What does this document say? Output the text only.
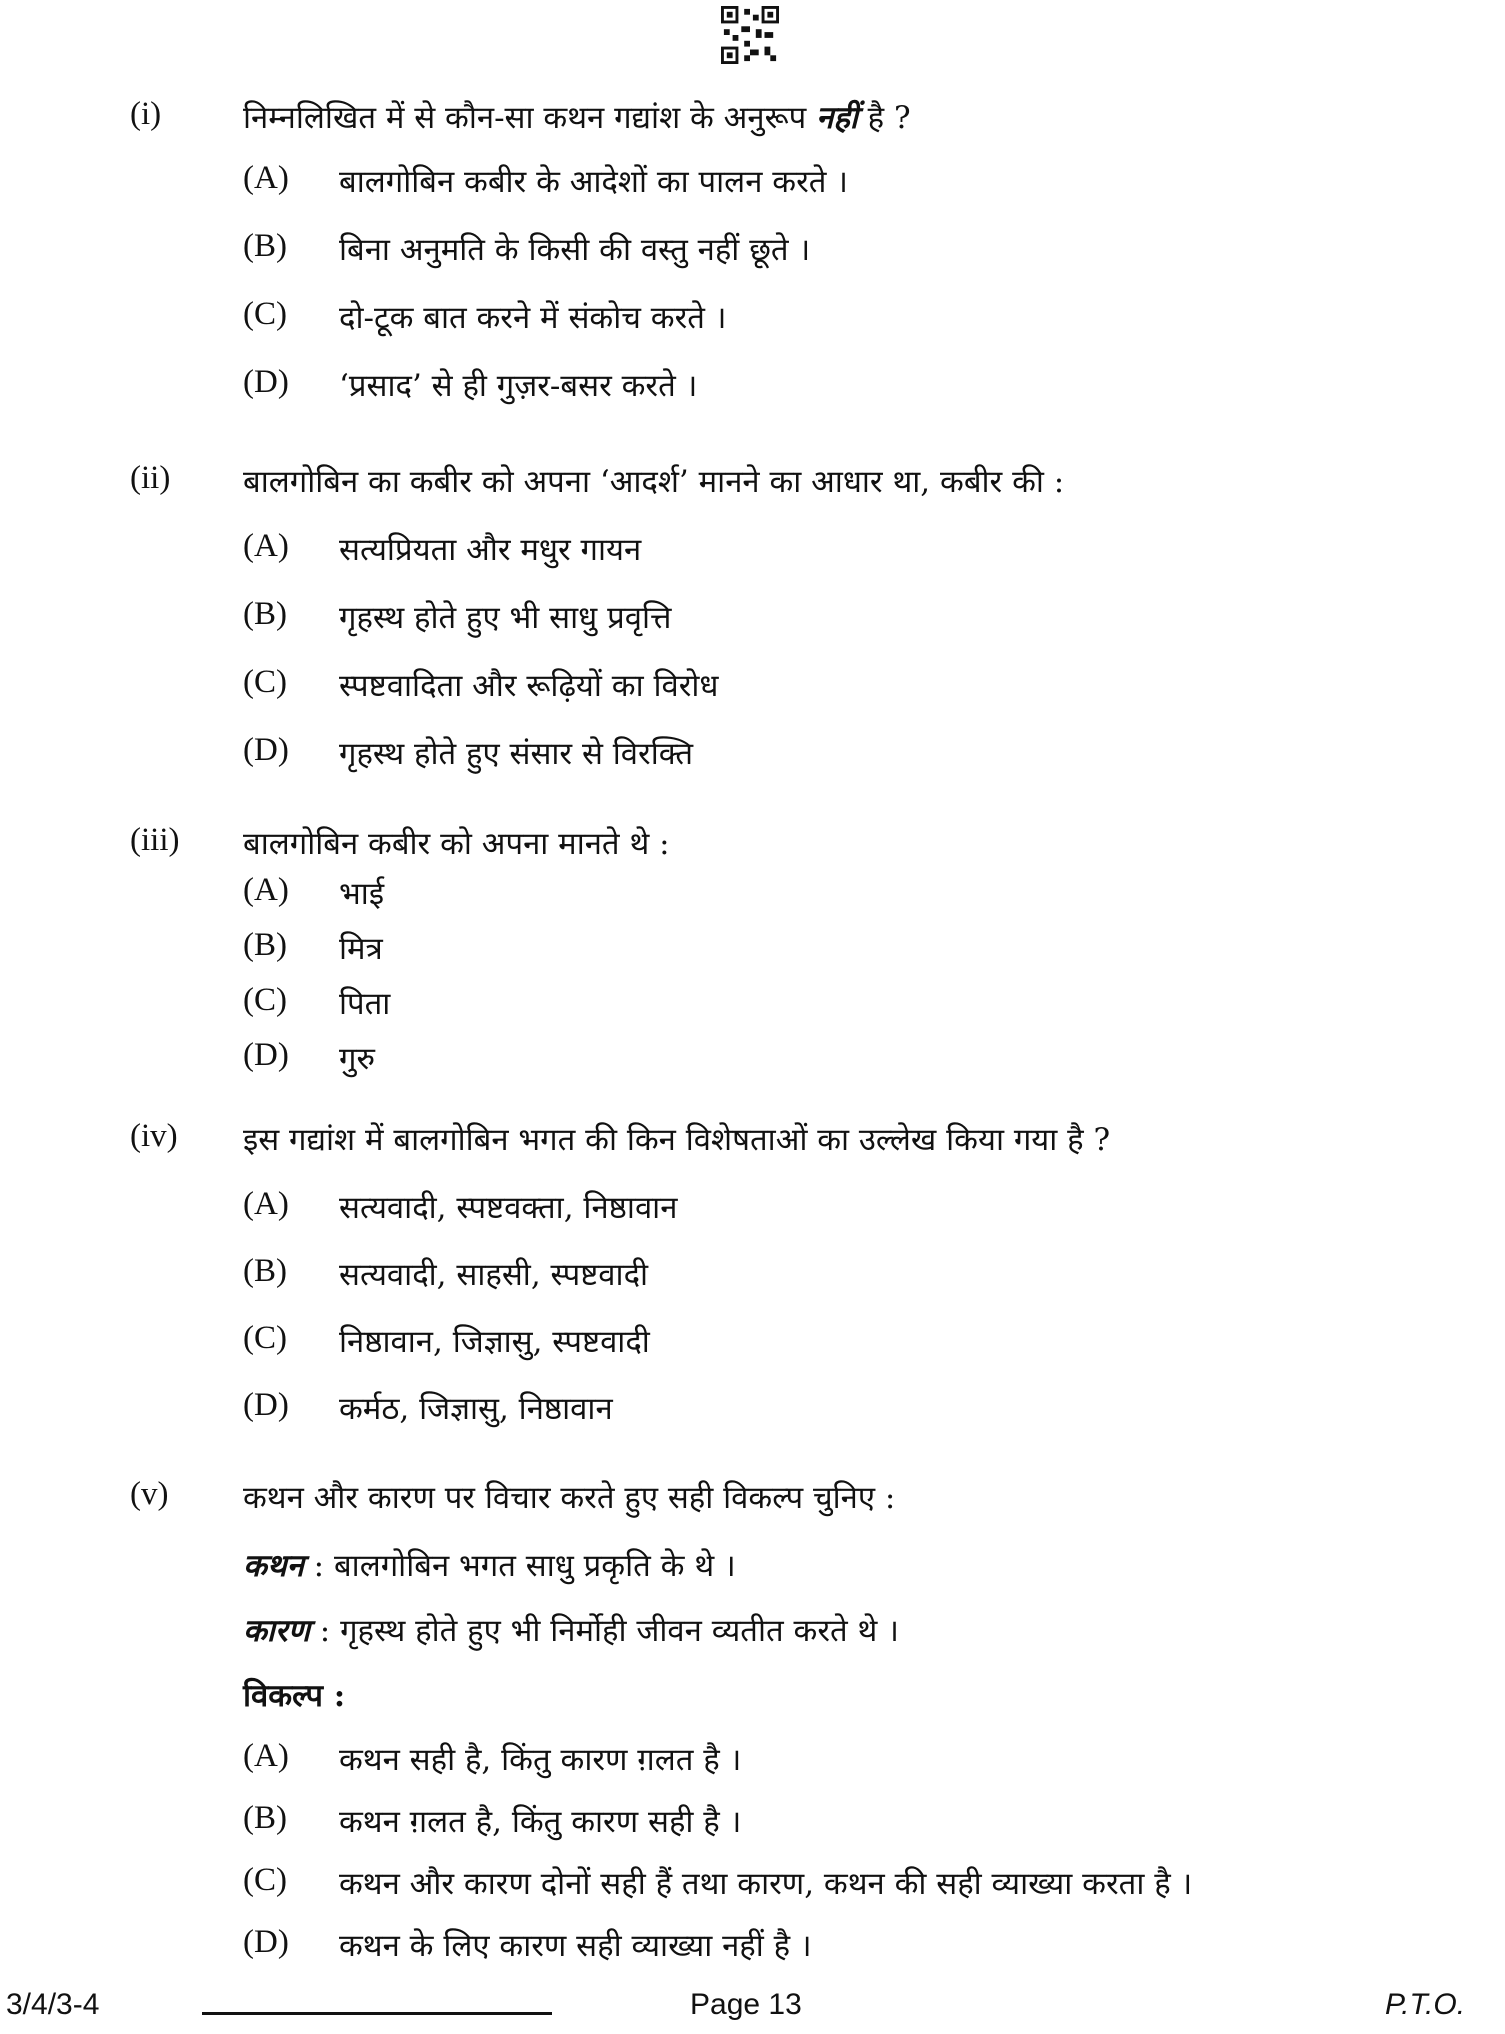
(i)	निम्नलिखित में से कौन-सा कथन गद्यांश के अनुरूप नहीं है ?
(A) बालगोबिन कबीर के आदेशों का पालन करते ।
(B) बिना अनुमति के किसी की वस्तु नहीं छूते ।
(C) दो-टूक बात करने में संकोच करते ।
(D) ‘प्रसाद’ से ही गुज़र-बसर करते ।
(ii) बालगोबिन का कबीर को अपना ‘आदर्श’ मानने का आधार था, कबीर की :
(A) सत्यप्रियता और मधुर गायन
(B) गृहस्थ होते हुए भी साधु प्रवृत्ति
(C) स्पष्टवादिता और रूढ़ियों का विरोध
(D) गृहस्थ होते हुए संसार से विरक्ति
(iii) बालगोबिन कबीर को अपना मानते थे :
(A) भाई
(B) मित्र
(C) पिता
(D) गुरु
(iv) इस गद्यांश में बालगोबिन भगत की किन विशेषताओं का उल्लेख किया गया है ?
(A) सत्यवादी, स्पष्टवक्ता, निष्ठावान
(B) सत्यवादी, साहसी, स्पष्टवादी
(C) निष्ठावान, जिज्ञासु, स्पष्टवादी
(D) कर्मठ, जिज्ञासु, निष्ठावान
(v) कथन और कारण पर विचार करते हुए सही विकल्प चुनिए :
कथन : बालगोबिन भगत साधु प्रकृति के थे ।
कारण : गृहस्थ होते हुए भी निर्मोही जीवन व्यतीत करते थे ।
विकल्प :
(A) कथन सही है, किंतु कारण ग़लत है ।
(B) कथन ग़लत है, किंतु कारण सही है ।
(C) कथन और कारण दोनों सही हैं तथा कारण, कथन की सही व्याख्या करता है ।
(D) कथन के लिए कारण सही व्याख्या नहीं है ।
3/4/3-4	Page 13	P.T.O.
